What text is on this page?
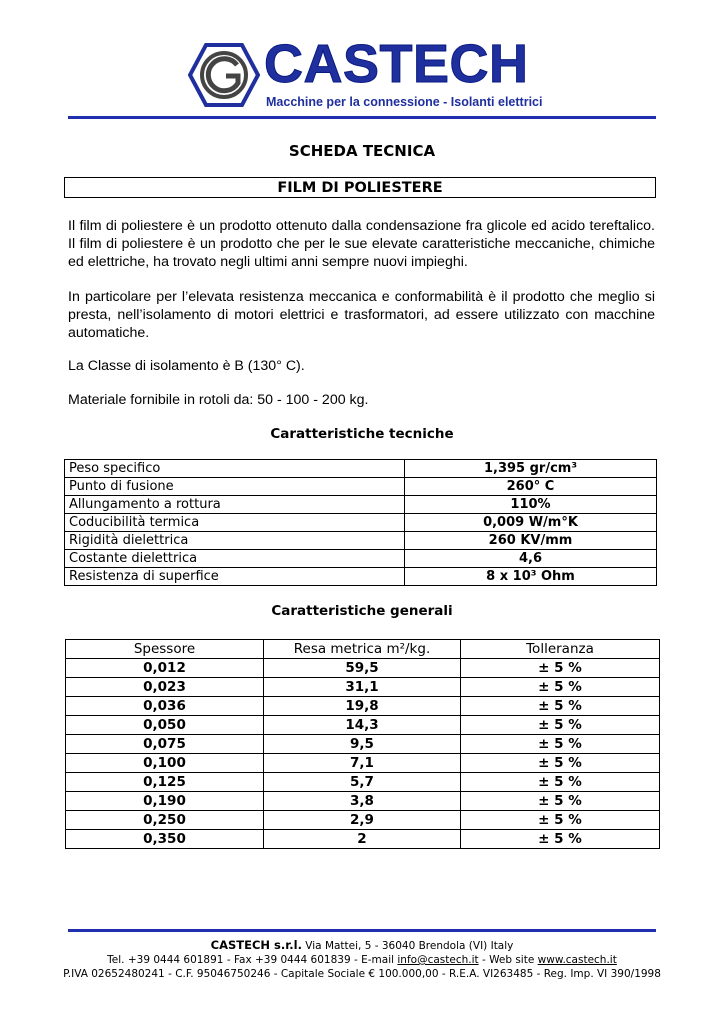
CASTECH
Macchine per la connessione - Isolanti elettrici
SCHEDA TECNICA
FILM DI POLIESTERE

Il film di poliestere è un prodotto ottenuto dalla condensazione fra glicole ed acido tereftalico. Il film di poliestere è un prodotto che per le sue elevate caratteristiche meccaniche, chimiche ed elettriche, ha trovato negli ultimi anni sempre nuovi impieghi.

In particolare per l’elevata resistenza meccanica e conformabilità è il prodotto che meglio si presta, nell’isolamento di motori elettrici e trasformatori, ad essere utilizzato con macchine automatiche.

La Classe di isolamento è B (130° C).

Materiale fornibile in rotoli da: 50 - 100 - 200 kg.

Caratteristiche tecniche
Peso specifico	1,395 gr/cm³
Punto di fusione	260° C
Allungamento a rottura	110%
Coducibilità termica	0,009 W/m°K
Rigidità dielettrica	260 KV/mm
Costante dielettrica	4,6
Resistenza di superfice	8 x 10³ Ohm
Caratteristiche generali
Spessore	Resa metrica m²/kg.	Tolleranza
0,012	59,5	± 5 %
0,023	31,1	± 5 %
0,036	19,8	± 5 %
0,050	14,3	± 5 %
0,075	9,5	± 5 %
0,100	7,1	± 5 %
0,125	5,7	± 5 %
0,190	3,8	± 5 %
0,250	2,9	± 5 %
0,350	2	± 5 %
CASTECH s.r.l. Via Mattei, 5 - 36040 Brendola (VI) Italy
Tel. +39 0444 601891 - Fax +39 0444 601839 - E-mail info@castech.it - Web site www.castech.it
P.IVA 02652480241 - C.F. 95046750246 - Capitale Sociale € 100.000,00 - R.E.A. VI263485 - Reg. Imp. VI 390/1998
